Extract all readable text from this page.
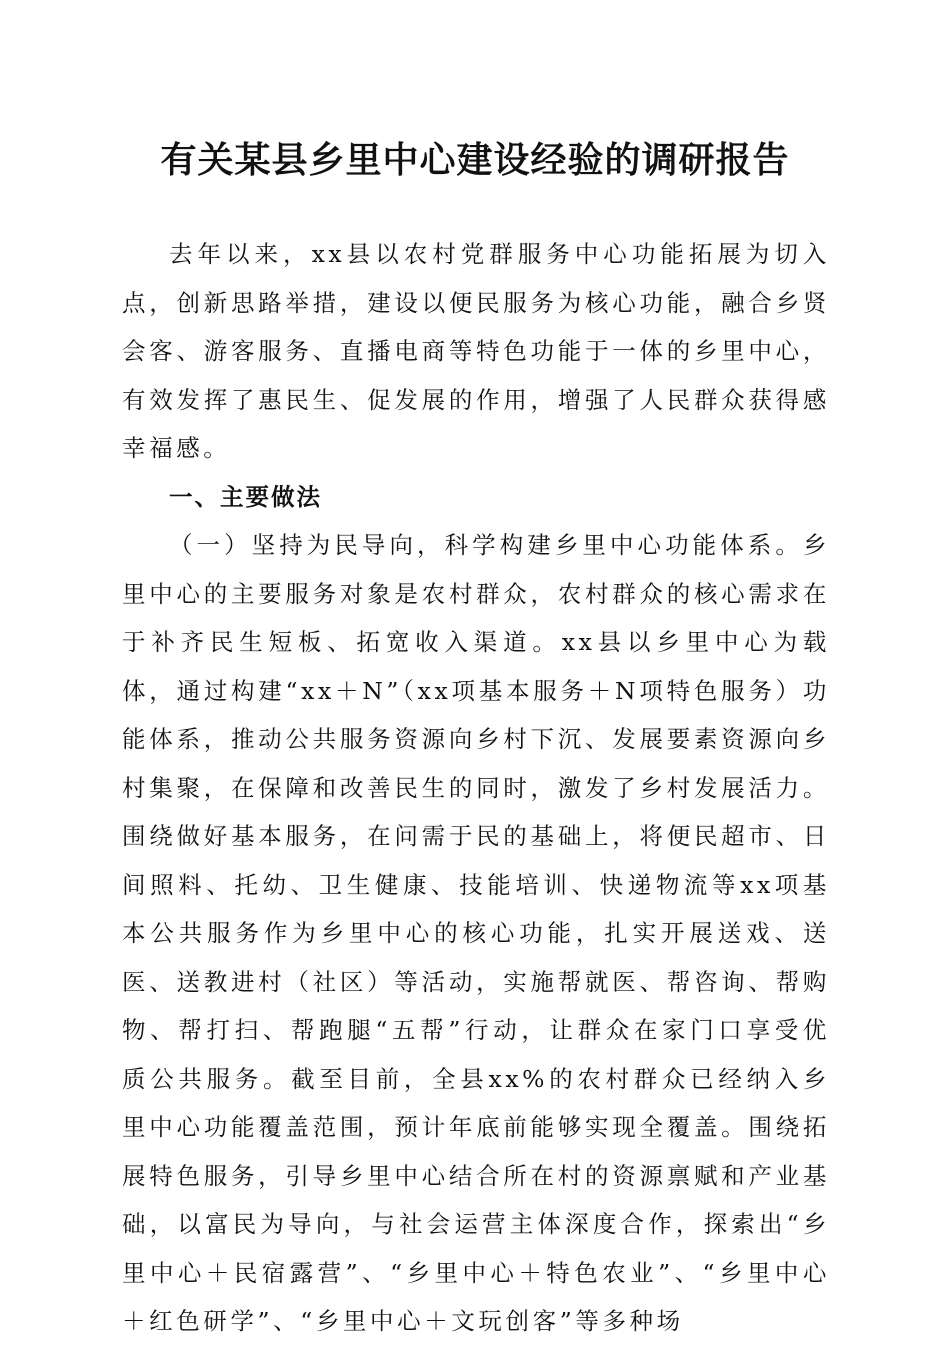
有关某县乡里中心建设经验的调研报告

去年以来，xx县以农村党群服务中心功能拓展为切入点，创新思路举措，建设以便民服务为核心功能，融合乡贤会客、游客服务、直播电商等特色功能于一体的乡里中心，有效发挥了惠民生、促发展的作用，增强了人民群众获得感幸福感。

一、主要做法

（一）坚持为民导向，科学构建乡里中心功能体系。乡里中心的主要服务对象是农村群众，农村群众的核心需求在于补齐民生短板、拓宽收入渠道。xx县以乡里中心为载体，通过构建“xx＋N”（xx项基本服务＋N项特色服务）功能体系，推动公共服务资源向乡村下沉、发展要素资源向乡村集聚，在保障和改善民生的同时，激发了乡村发展活力。围绕做好基本服务，在问需于民的基础上，将便民超市、日间照料、托幼、卫生健康、技能培训、快递物流等xx项基本公共服务作为乡里中心的核心功能，扎实开展送戏、送医、送教进村（社区）等活动，实施帮就医、帮咨询、帮购物、帮打扫、帮跑腿“五帮”行动，让群众在家门口享受优质公共服务。截至目前，全县xx%的农村群众已经纳入乡里中心功能覆盖范围，预计年底前能够实现全覆盖。围绕拓展特色服务，引导乡里中心结合所在村的资源禀赋和产业基础，以富民为导向，与社会运营主体深度合作，探索出“乡里中心＋民宿露营”、“乡里中心＋特色农业”、“乡里中心＋红色研学”、“乡里中心＋文玩创客”等多种场
